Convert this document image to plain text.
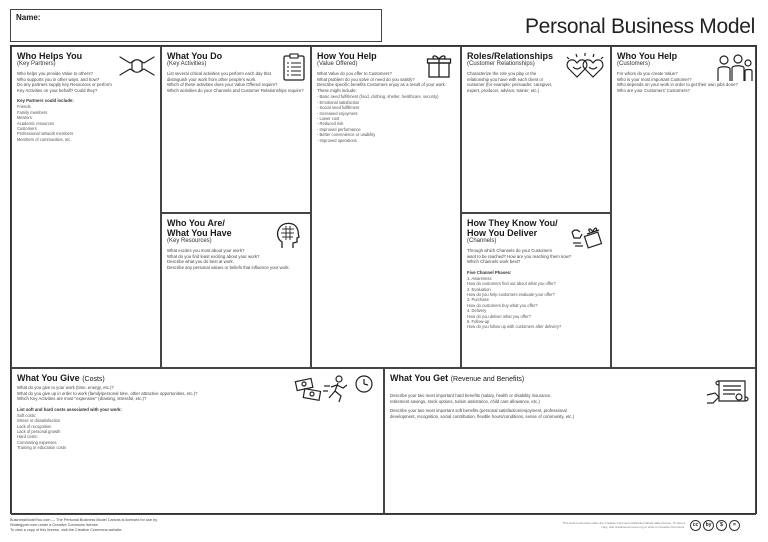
Name:	Personal Business Model
Who Helps You
(Key Partners)

Who helps you provide Value to others?

Who supports you in other ways, and how?

Do any partners supply key Resources or perform

Key Activities on your behalf? Could they?

Key Partners could include:
Friends
Family members
Mentors
Academic resources
Customers
Professional network members
Members of communities, etc.
What You Do
(Key Activities)

List several critical activities you perform each day that

distinguish your work from other people's work.

Which of these activities does your Value Offered require?

Which activities do your Channels and Customer Relationships require?

Who You Are/
What You Have
(Key Resources)

What excites you most about your work?

What do you find least exciting about your work?

Describe what you do best at work.

Describe any personal values or beliefs that influence your work.

How You Help
(Value Offered)

What Value do you offer to Customers?

What problem do you solve or need do you satisfy?

Describe specific benefits Customers enjoy as a result of your work.

These might include:

- Basic need fulfillment (food, clothing, shelter, healthcare, security)
- Emotional satisfaction
- Social need fulfillment
- Increased enjoyment
- Lower cost
- Reduced risk
- Improved performance
- Better convenience or usability
- Improved operations
Roles/Relationships
(Customer Relationships)

Characterize the role you play or the

relationship you have with each client or

customer (for example: persuader, caregiver,

expert, producer, advisor, trainer, etc.)

How They Know You/
How You Deliver
(Channels)

Through which Channels do your Customers

want to be reached? How are you reaching them now?

Which Channels work best?

Five Channel Phases:
1. Awareness
How do customers find out about what you offer?
2. Evaluation
How do you help customers evaluate your offer?
3. Purchase
How do customers buy what you offer?
4. Delivery
How do you deliver what you offer?
5. Follow-up
How do you follow up with customers after delivery?
Who You Help
(Customers)

For whom do you create Value?

Who is your most important Customer?

Who depends on your work in order to get their own jobs done?

Who are your Customers' Customers?

What You Give (Costs)

What do you give to your work (time, energy, etc.)?

What do you give up in order to work (family/personal time, other attractive opportunities, etc.)?

Which Key Activities are most "expensive" (draining, stressful, etc.)?

List soft and hard costs associated with your work:
Soft costs:
Stress or dissatisfaction
Lack of recognition
Lack of personal growth
Hard costs:
Commuting expenses
Training or education costs
What You Get (Revenue and Benefits)

Describe your two most important hard benefits (salary, health or disability insurance,

retirement savings, stock options, tuition assistance, child care allowance, etc.)

Describe your two most important soft benefits (personal satisfaction/enjoyment, professional

development, recognition, social contribution, flexible hours/conditions, sense of community, etc.)

BusinessModelYou.com — The Personal Business Model Canvas is licensed for use by
Strategyzer.com under a Creative Commons license.
To view a copy of this license, visit the Creative Commons website.
This work is licensed under the Creative Commons Attribution-Share Alike license. To view a copy, visit creativecommons.org or write to Creative Commons.	cc	by	$	=
